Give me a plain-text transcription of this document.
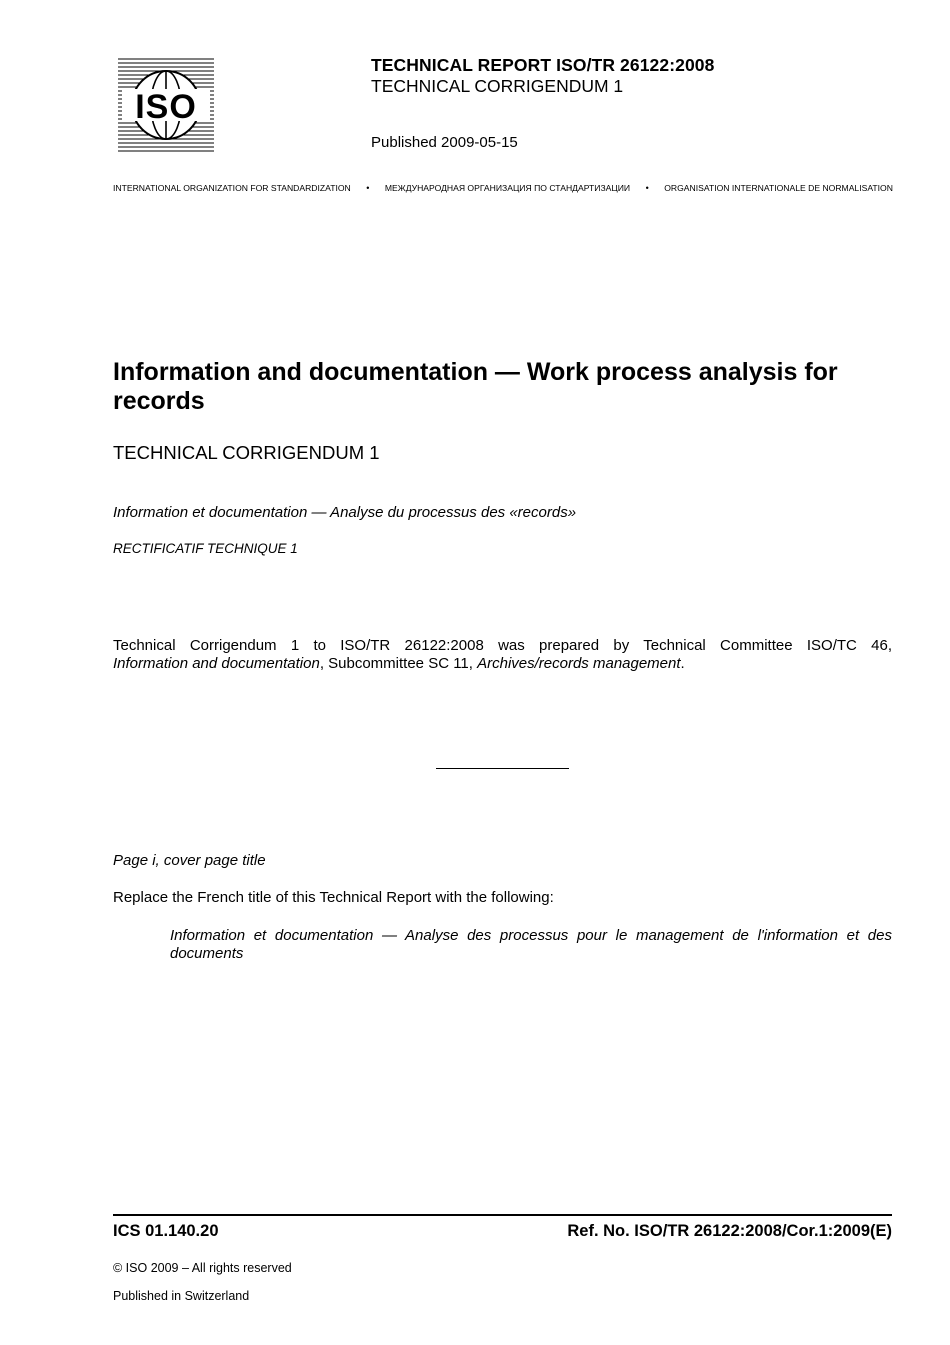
ISO
TECHNICAL REPORT ISO/TR 26122:2008
TECHNICAL CORRIGENDUM 1
Published 2009-05-15
INTERNATIONAL ORGANIZATION FOR STANDARDIZATION • МЕЖДУНАРОДНАЯ ОРГАНИЗАЦИЯ ПО СТАНДАРТИЗАЦИИ • ORGANISATION INTERNATIONALE DE NORMALISATION
Information and documentation — Work process analysis for records
TECHNICAL CORRIGENDUM 1
Information et documentation — Analyse du processus des «records»
RECTIFICATIF TECHNIQUE 1
Technical Corrigendum 1 to ISO/TR 26122:2008 was prepared by Technical Committee ISO/TC 46,
Information and documentation, Subcommittee SC 11, Archives/records management.
Page i, cover page title
Replace the French title of this Technical Report with the following:
Information et documentation — Analyse des processus pour le management de l'information et des
documents
ICS 01.140.20	Ref. No. ISO/TR 26122:2008/Cor.1:2009(E)
© ISO 2009 – All rights reserved
Published in Switzerland
